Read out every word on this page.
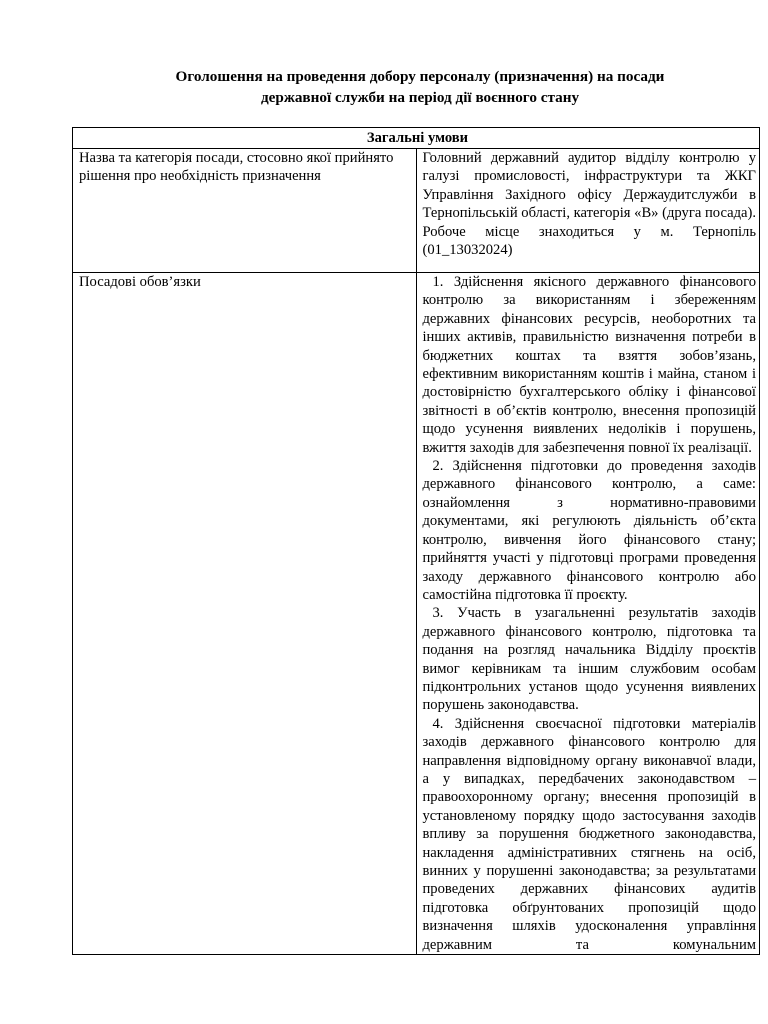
Оголошення на проведення добору персоналу (призначення) на посади
державної служби на період дії воєнного стану
Загальні умови	
Назва та категорія посади, стосовно якої прийнято рішення про необхідність призначення	Головний державний аудитор відділу контролю у галузі промисловості, інфраструктури та ЖКГ Управління Західного офісу Держаудитслужби в Тернопільській області, категорія «В» (друга посада). Робоче місце знаходиться у м. Тернопіль (01_13032024)
Посадові обов’язки	1. Здійснення якісного державного фінансового контролю за використанням і збереженням державних фінансових ресурсів, необоротних та інших активів, правильністю визначення потреби в бюджетних коштах та взяття зобов’язань, ефективним використанням коштів і майна, станом і достовірністю бухгалтерського обліку і фінансової звітності в об’єктів контролю, внесення пропозицій щодо усунення виявлених недоліків і порушень, вжиття заходів для забезпечення повної їх реалізації.

2. Здійснення підготовки до проведення заходів державного фінансового контролю, а саме: ознайомлення з нормативно-правовими документами, які регулюють діяльність об’єкта контролю, вивчення його фінансового стану; прийняття участі у підготовці програми проведення заходу державного фінансового контролю або самостійна підготовка її проєкту.

3. Участь в узагальненні результатів заходів державного фінансового контролю, підготовка та подання на розгляд начальника Відділу проєктів вимог керівникам та іншим службовим особам підконтрольних установ щодо усунення виявлених порушень законодавства.

4. Здійснення своєчасної підготовки матеріалів заходів державного фінансового контролю для направлення відповідному органу виконавчої влади, а у випадках, передбачених законодавством – правоохоронному органу; внесення пропозицій в установленому порядку щодо застосування заходів впливу за порушення бюджетного законодавства, накладення адміністративних стягнень на осіб, винних у порушенні законодавства; за результатами проведених державних фінансових аудитів підготовка обґрунтованих пропозицій щодо визначення шляхів удосконалення управління державним та комунальним
